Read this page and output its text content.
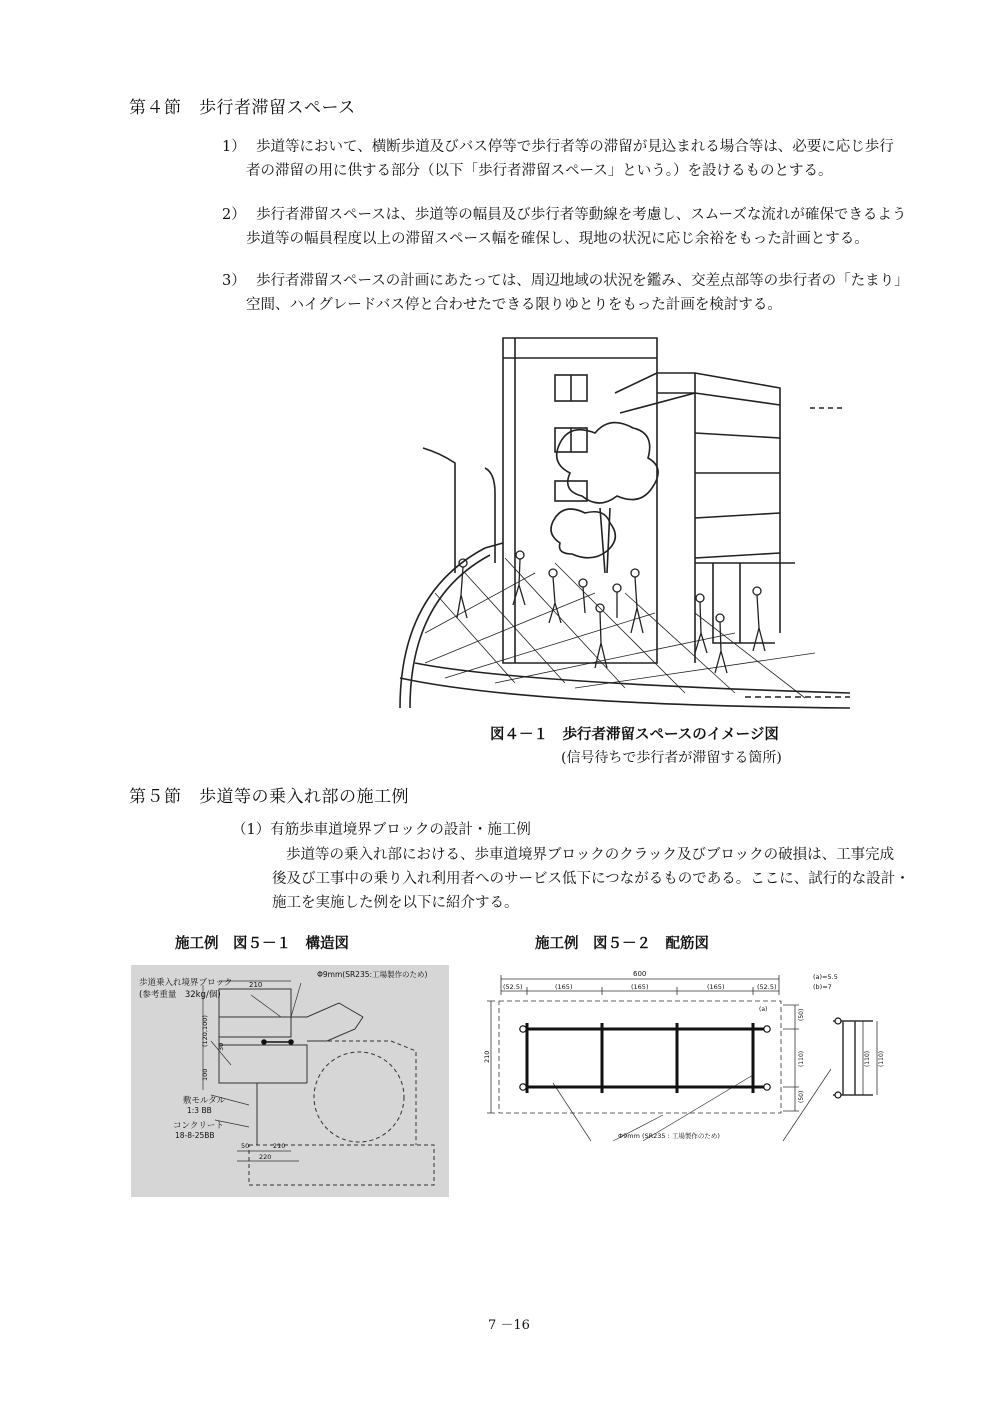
第４節　歩行者滞留スペース
1） 歩道等において、横断歩道及びバス停等で歩行者等の滞留が見込まれる場合等は、必要に応じ歩行
者の滞留の用に供する部分（以下「歩行者滞留スペース」という。）を設けるものとする。
2） 歩行者滞留スペースは、歩道等の幅員及び歩行者等動線を考慮し、スムーズな流れが確保できるよう
歩道等の幅員程度以上の滞留スペース幅を確保し、現地の状況に応じ余裕をもった計画とする。
3） 歩行者滞留スペースの計画にあたっては、周辺地域の状況を鑑み、交差点部等の歩行者の「たまり」
空間、ハイグレードバス停と合わせたできる限りゆとりをもった計画を検討する。
図４－１　歩行者滞留スペースのイメージ図
(信号待ちで歩行者が滞留する箇所)
第５節　歩道等の乗入れ部の施工例
（1）有筋歩車道境界ブロックの設計・施工例
歩道等の乗入れ部における、歩車道境界ブロックのクラック及びブロックの破損は、工事完成
後及び工事中の乗り入れ利用者へのサービス低下につながるものである。ここに、試行的な設計・
施工を実施した例を以下に紹介する。
施工例　図５－１　構造図	施工例　図５－２　配筋図
歩道乗入れ境界ブロック
(参考重量　32kg/個)
Φ9mm(SR235:工場製作のため)
210
(120,100) 30
100
敷モルタル
1:3 BB
コンクリート
18-8-25BB
50	210
220
600
(52.5)	(165)	(165)	(165)	(52.5)
210
(50)
(110)
(50)
(110) (110)
(a)=5.5
(b)=7
(a)
Φ9mm (SR235 : 工場製作のため)
7 －16
